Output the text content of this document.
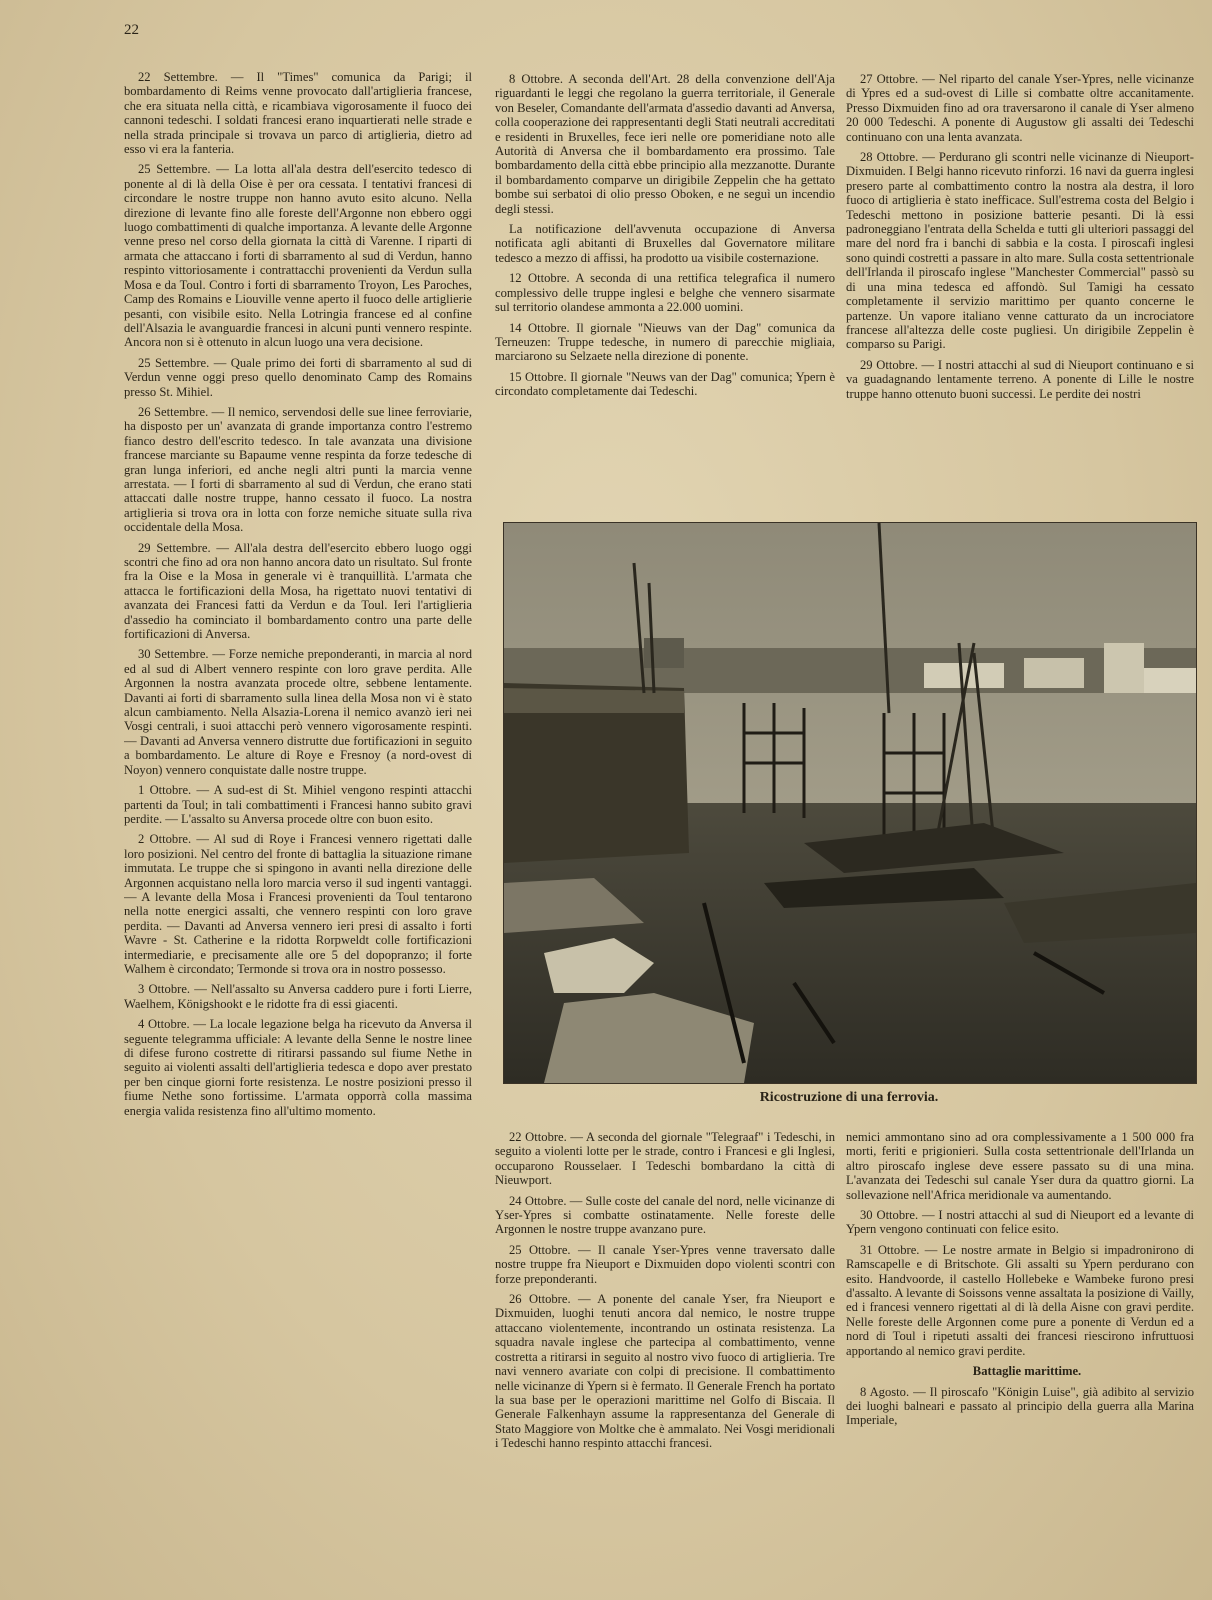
22

22 Settembre. — Il "Times" comunica da Parigi; il bombardamento di Reims venne provocato dall'artiglieria francese, che era situata nella città, e ricambiava vigorosamente il fuoco dei cannoni tedeschi. I soldati francesi erano inquartierati nelle strade e nella strada principale si trovava un parco di artiglieria, dietro ad esso vi era la fanteria.

25 Settembre. — La lotta all'ala destra dell'esercito tedesco di ponente al di là della Oise è per ora cessata. I tentativi francesi di circondare le nostre truppe non hanno avuto esito alcuno. Nella direzione di levante fino alle foreste dell'Argonne non ebbero oggi luogo combattimenti di qualche importanza. A levante delle Argonne venne preso nel corso della giornata la città di Varenne. I riparti di armata che attaccano i forti di sbarramento al sud di Verdun, hanno respinto vittoriosamente i contrattacchi provenienti da Verdun sulla Mosa e da Toul. Contro i forti di sbarramento Troyon, Les Paroches, Camp des Romains e Liouville venne aperto il fuoco delle artiglierie pesanti, con visibile esito. Nella Lotringia francese ed al confine dell'Alsazia le avanguardie francesi in alcuni punti vennero respinte. Ancora non si è ottenuto in alcun luogo una vera decisione.

25 Settembre. — Quale primo dei forti di sbarramento al sud di Verdun venne oggi preso quello denominato Camp des Romains presso St. Mihiel.

26 Settembre. — Il nemico, servendosi delle sue linee ferroviarie, ha disposto per un' avanzata di grande importanza contro l'estremo fianco destro dell'escrito tedesco. In tale avanzata una divisione francese marciante su Bapaume venne respinta da forze tedesche di gran lunga inferiori, ed anche negli altri punti la marcia venne arrestata. — I forti di sbarramento al sud di Verdun, che erano stati attaccati dalle nostre truppe, hanno cessato il fuoco. La nostra artiglieria si trova ora in lotta con forze nemiche situate sulla riva occidentale della Mosa.

29 Settembre. — All'ala destra dell'esercito ebbero luogo oggi scontri che fino ad ora non hanno ancora dato un risultato. Sul fronte fra la Oise e la Mosa in generale vi è tranquillità. L'armata che attacca le fortificazioni della Mosa, ha rigettato nuovi tentativi di avanzata dei Francesi fatti da Verdun e da Toul. Ieri l'artiglieria d'assedio ha cominciato il bombardamento contro una parte delle fortificazioni di Anversa.

30 Settembre. — Forze nemiche preponderanti, in marcia al nord ed al sud di Albert vennero respinte con loro grave perdita. Alle Argonnen la nostra avanzata procede oltre, sebbene lentamente. Davanti ai forti di sbarramento sulla linea della Mosa non vi è stato alcun cambiamento. Nella Alsazia-Lorena il nemico avanzò ieri nei Vosgi centrali, i suoi attacchi però vennero vigorosamente respinti. — Davanti ad Anversa vennero distrutte due fortificazioni in seguito a bombardamento. Le alture di Roye e Fresnoy (a nord-ovest di Noyon) vennero conquistate dalle nostre truppe.

1 Ottobre. — A sud-est di St. Mihiel vengono respinti attacchi partenti da Toul; in tali combattimenti i Francesi hanno subito gravi perdite. — L'assalto su Anversa procede oltre con buon esito.

2 Ottobre. — Al sud di Roye i Francesi vennero rigettati dalle loro posizioni. Nel centro del fronte di battaglia la situazione rimane immutata. Le truppe che si spingono in avanti nella direzione delle Argonnen acquistano nella loro marcia verso il sud ingenti vantaggi. — A levante della Mosa i Francesi provenienti da Toul tentarono nella notte energici assalti, che vennero respinti con loro grave perdita. — Davanti ad Anversa vennero ieri presi di assalto i forti Wavre - St. Catherine e la ridotta Rorpweldt colle fortificazioni intermediarie, e precisamente alle ore 5 del dopopranzo; il forte Walhem è circondato; Termonde si trova ora in nostro possesso.

3 Ottobre. — Nell'assalto su Anversa caddero pure i forti Lierre, Waelhem, Königshookt e le ridotte fra di essi giacenti.

4 Ottobre. — La locale legazione belga ha ricevuto da Anversa il seguente telegramma ufficiale: A levante della Senne le nostre linee di difese furono costrette di ritirarsi passando sul fiume Nethe in seguito ai violenti assalti dell'artiglieria tedesca e dopo aver prestato per ben cinque giorni forte resistenza. Le nostre posizioni presso il fiume Nethe sono fortissime. L'armata opporrà colla massima energia valida resistenza fino all'ultimo momento.

8 Ottobre. A seconda dell'Art. 28 della convenzione dell'Aja riguardanti le leggi che regolano la guerra territoriale, il Generale von Beseler, Comandante dell'armata d'assedio davanti ad Anversa, colla cooperazione dei rappresentanti degli Stati neutrali accreditati e residenti in Bruxelles, fece ieri nelle ore pomeridiane noto alle Autorità di Anversa che il bombardamento era prossimo. Tale bombardamento della città ebbe principio alla mezzanotte. Durante il bombardamento comparve un dirigibile Zeppelin che ha gettato bombe sui serbatoi di olio presso Oboken, e ne seguì un incendio degli stessi.

La notificazione dell'avvenuta occupazione di Anversa notificata agli abitanti di Bruxelles dal Governatore militare tedesco a mezzo di affissi, ha prodotto ua visibile costernazione.

12 Ottobre. A seconda di una rettifica telegrafica il numero complessivo delle truppe inglesi e belghe che vennero sisarmate sul territorio olandese ammonta a 22.000 uomini.

14 Ottobre. Il giornale "Nieuws van der Dag" comunica da Terneuzen: Truppe tedesche, in numero di parecchie migliaia, marciarono su Selzaete nella direzione di ponente.

15 Ottobre. Il giornale "Neuws van der Dag" comunica; Ypern è circondato completamente dai Tedeschi.

27 Ottobre. — Nel riparto del canale Yser-Ypres, nelle vicinanze di Ypres ed a sud-ovest di Lille si combatte oltre accanitamente. Presso Dixmuiden fino ad ora traversarono il canale di Yser almeno 20 000 Tedeschi. A ponente di Augustow gli assalti dei Tedeschi continuano con una lenta avanzata.

28 Ottobre. — Perdurano gli scontri nelle vicinanze di Nieuport-Dixmuiden. I Belgi hanno ricevuto rinforzi. 16 navi da guerra inglesi presero parte al combattimento contro la nostra ala destra, il loro fuoco di artiglieria è stato inefficace. Sull'estrema costa del Belgio i Tedeschi mettono in posizione batterie pesanti. Di là essi padroneggiano l'entrata della Schelda e tutti gli ulteriori passaggi del mare del nord fra i banchi di sabbia e la costa. I piroscafi inglesi sono quindi costretti a passare in alto mare. Sulla costa settentrionale dell'Irlanda il piroscafo inglese "Manchester Commercial" passò su di una mina tedesca ed affondò. Sul Tamigi ha cessato completamente il servizio marittimo per quanto concerne le partenze. Un vapore italiano venne catturato da un incrociatore francese all'altezza delle coste pugliesi. Un dirigibile Zeppelin è comparso su Parigi.

29 Ottobre. — I nostri attacchi al sud di Nieuport continuano e si va guadagnando lentamente terreno. A ponente di Lille le nostre truppe hanno ottenuto buoni successi. Le perdite dei nostri

Ricostruzione di una ferrovia.

22 Ottobre. — A seconda del giornale "Telegraaf" i Tedeschi, in seguito a violenti lotte per le strade, contro i Francesi e gli Inglesi, occuparono Rousselaer. I Tedeschi bombardano la città di Nieuwport.

24 Ottobre. — Sulle coste del canale del nord, nelle vicinanze di Yser-Ypres si combatte ostinatamente. Nelle foreste delle Argonnen le nostre truppe avanzano pure.

25 Ottobre. — Il canale Yser-Ypres venne traversato dalle nostre truppe fra Nieuport e Dixmuiden dopo violenti scontri con forze preponderanti.

26 Ottobre. — A ponente del canale Yser, fra Nieuport e Dixmuiden, luoghi tenuti ancora dal nemico, le nostre truppe attaccano violentemente, incontrando un ostinata resistenza. La squadra navale inglese che partecipa al combattimento, venne costretta a ritirarsi in seguito al nostro vivo fuoco di artiglieria. Tre navi vennero avariate con colpi di precisione. Il combattimento nelle vicinanze di Ypern si è fermato. Il Generale French ha portato la sua base per le operazioni marittime nel Golfo di Biscaia. Il Generale Falkenhayn assume la rappresentanza del Generale di Stato Maggiore von Moltke che è ammalato. Nei Vosgi meridionali i Tedeschi hanno respinto attacchi francesi.

nemici ammontano sino ad ora complessivamente a 1 500 000 fra morti, feriti e prigionieri. Sulla costa settentrionale dell'Irlanda un altro piroscafo inglese deve essere passato su di una mina. L'avanzata dei Tedeschi sul canale Yser dura da quattro giorni. La sollevazione nell'Africa meridionale va aumentando.

30 Ottobre. — I nostri attacchi al sud di Nieuport ed a levante di Ypern vengono continuati con felice esito.

31 Ottobre. — Le nostre armate in Belgio si impadronirono di Ramscapelle e di Britschote. Gli assalti su Ypern perdurano con esito. Handvoorde, il castello Hollebeke e Wambeke furono presi d'assalto. A levante di Soissons venne assaltata la posizione di Vailly, ed i francesi vennero rigettati al di là della Aisne con gravi perdite. Nelle foreste delle Argonnen come pure a ponente di Verdun ed a nord di Toul i ripetuti assalti dei francesi riescirono infruttuosi apportando al nemico gravi perdite.

Battaglie marittime.

8 Agosto. — Il piroscafo "Königin Luise", già adibito al servizio dei luoghi balneari e passato al principio della guerra alla Marina Imperiale,
